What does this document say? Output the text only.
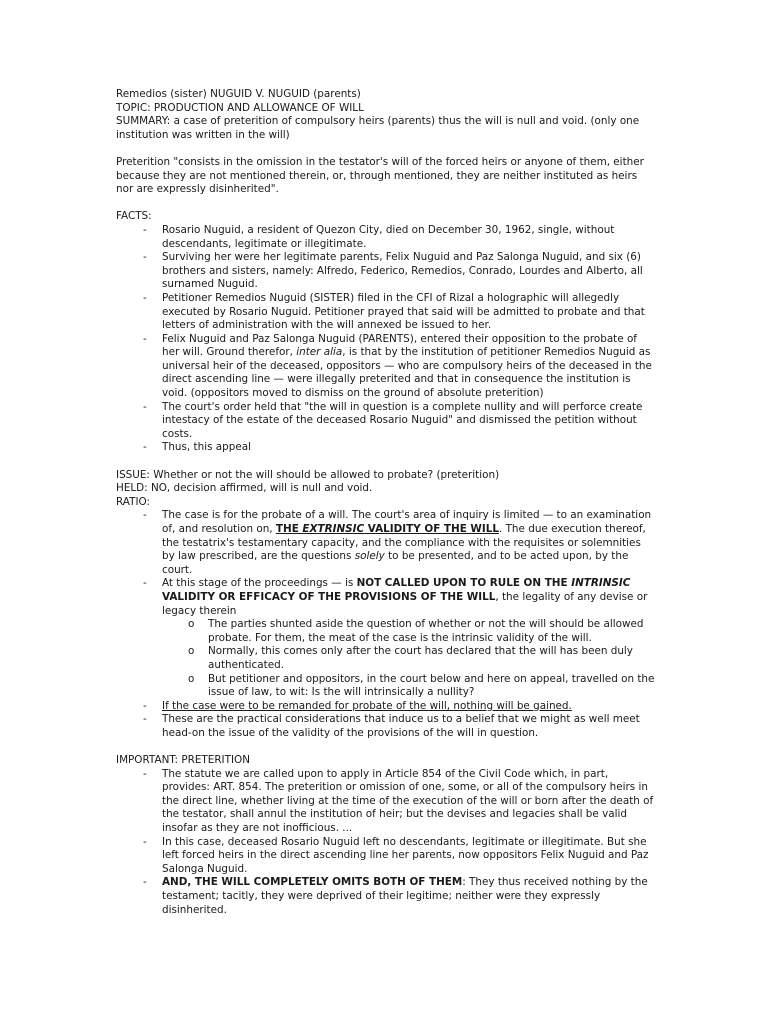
Remedios (sister) NUGUID V. NUGUID (parents)

TOPIC: PRODUCTION AND ALLOWANCE OF WILL

SUMMARY: a case of preterition of compulsory heirs (parents) thus the will is null and void. (only one institution was written in the will)

Preterition "consists in the omission in the testator's will of the forced heirs or anyone of them, either because they are not mentioned therein, or, through mentioned, they are neither instituted as heirs nor are expressly disinherited".

FACTS:

- Rosario Nuguid, a resident of Quezon City, died on December 30, 1962, single, without descendants, legitimate or illegitimate.
- Surviving her were her legitimate parents, Felix Nuguid and Paz Salonga Nuguid, and six (6) brothers and sisters, namely: Alfredo, Federico, Remedios, Conrado, Lourdes and Alberto, all surnamed Nuguid.
- Petitioner Remedios Nuguid (SISTER) filed in the CFI of Rizal a holographic will allegedly executed by Rosario Nuguid. Petitioner prayed that said will be admitted to probate and that letters of administration with the will annexed be issued to her.
- Felix Nuguid and Paz Salonga Nuguid (PARENTS), entered their opposition to the probate of her will. Ground therefor, inter alia, is that by the institution of petitioner Remedios Nuguid as universal heir of the deceased, oppositors — who are compulsory heirs of the deceased in the direct ascending line — were illegally preterited and that in consequence the institution is void. (oppositors moved to dismiss on the ground of absolute preterition)
- The court's order held that "the will in question is a complete nullity and will perforce create intestacy of the estate of the deceased Rosario Nuguid" and dismissed the petition without costs.
- Thus, this appeal

ISSUE: Whether or not the will should be allowed to probate? (preterition)

HELD: NO, decision affirmed, will is null and void.

RATIO:

- The case is for the probate of a will. The court's area of inquiry is limited — to an examination of, and resolution on, THE EXTRINSIC VALIDITY OF THE WILL. The due execution thereof, the testatrix's testamentary capacity, and the compliance with the requisites or solemnities by law prescribed, are the questions solely to be presented, and to be acted upon, by the court.
- At this stage of the proceedings — is NOT CALLED UPON TO RULE ON THE INTRINSIC VALIDITY OR EFFICACY OF THE PROVISIONS OF THE WILL, the legality of any devise or legacy therein
o The parties shunted aside the question of whether or not the will should be allowed probate. For them, the meat of the case is the intrinsic validity of the will.
o Normally, this comes only after the court has declared that the will has been duly authenticated.
o But petitioner and oppositors, in the court below and here on appeal, travelled on the issue of law, to wit: Is the will intrinsically a nullity?
- If the case were to be remanded for probate of the will, nothing will be gained.
- These are the practical considerations that induce us to a belief that we might as well meet head-on the issue of the validity of the provisions of the will in question.

IMPORTANT: PRETERITION

- The statute we are called upon to apply in Article 854 of the Civil Code which, in part, provides: ART. 854. The preterition or omission of one, some, or all of the compulsory heirs in the direct line, whether living at the time of the execution of the will or born after the death of the testator, shall annul the institution of heir; but the devises and legacies shall be valid insofar as they are not inofficious. ...
- In this case, deceased Rosario Nuguid left no descendants, legitimate or illegitimate. But she left forced heirs in the direct ascending line her parents, now oppositors Felix Nuguid and Paz Salonga Nuguid.
- AND, THE WILL COMPLETELY OMITS BOTH OF THEM: They thus received nothing by the testament; tacitly, they were deprived of their legitime; neither were they expressly disinherited.
